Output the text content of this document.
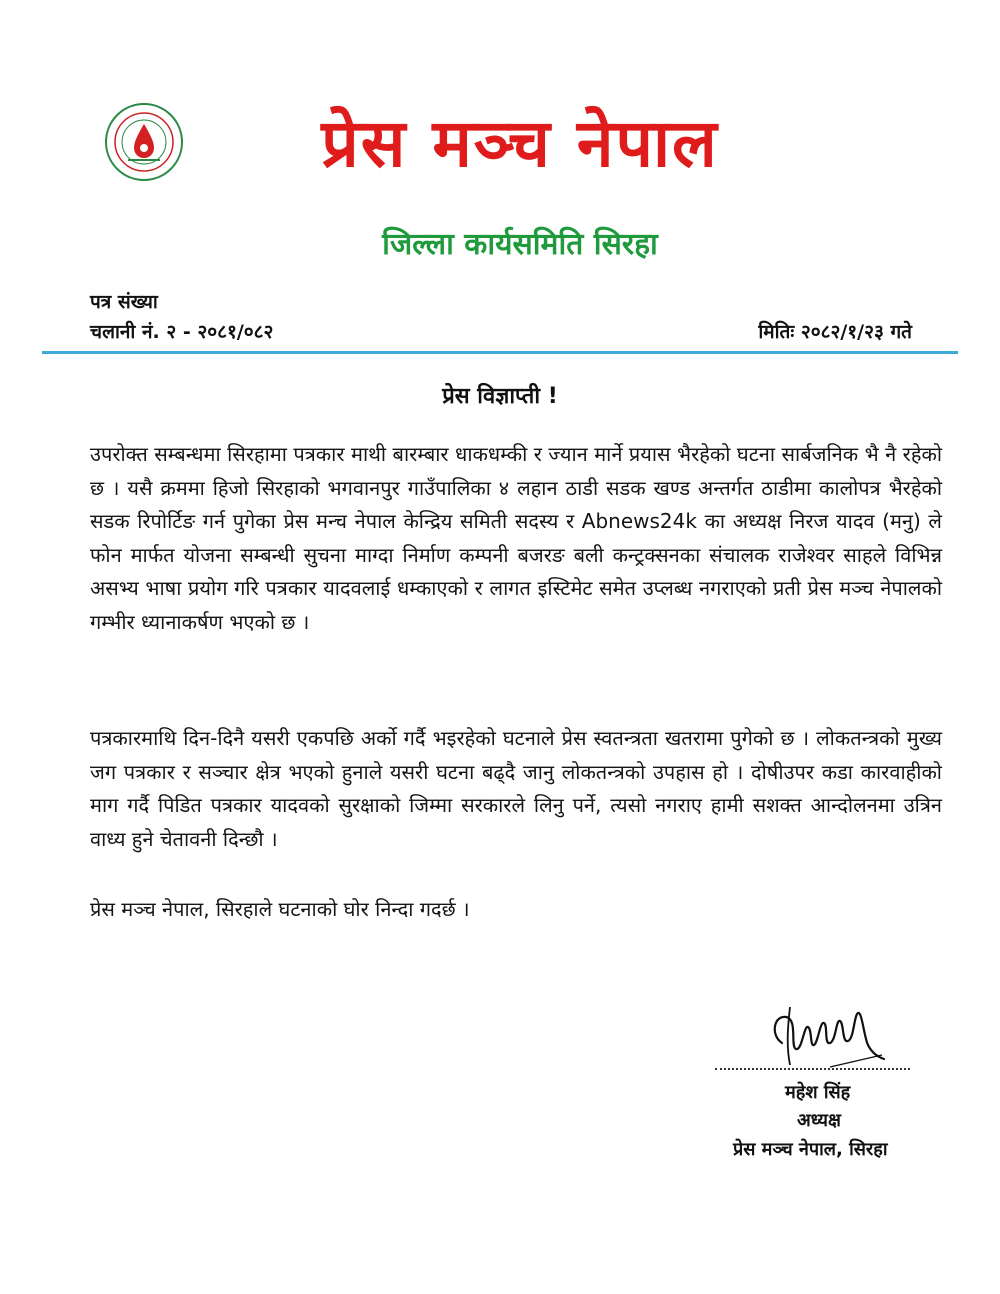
प्रेस मञ्च नेपाल
जिल्ला कार्यसमिति सिरहा
पत्र संख्या
चलानी नं. २ - २०८१/०८२	मितिः २०८२/१/२३ गते
प्रेस विज्ञाप्ती !

उपरोक्त सम्बन्धमा सिरहामा पत्रकार माथी बारम्बार धाकधम्की र ज्यान मार्ने प्रयास भैरहेको घटना सार्बजनिक भै नै रहेको छ । यसै क्रममा हिजो सिरहाको भगवानपुर गाउँपालिका ४ लहान ठाडी सडक खण्ड अन्तर्गत ठाडीमा कालोपत्र भैरहेको सडक रिपोर्टिङ गर्न पुगेका प्रेस मन्च नेपाल केन्द्रिय समिती सदस्य र Abnews24k का अध्यक्ष निरज यादव (मनु) ले फोन मार्फत योजना सम्बन्धी सुचना माग्दा निर्माण कम्पनी बजरङ बली कन्ट्रक्सनका संचालक राजेश्वर साहले विभिन्न असभ्य भाषा प्रयोग गरि पत्रकार यादवलाई धम्काएको र लागत इस्टिमेट समेत उप्लब्ध नगराएको प्रती प्रेस मञ्च नेपालको गम्भीर ध्यानाकर्षण भएको छ ।

पत्रकारमाथि दिन-दिनै यसरी एकपछि अर्को गर्दै भइरहेको घटनाले प्रेस स्वतन्त्रता खतरामा पुगेको छ । लोकतन्त्रको मुख्य जग पत्रकार र सञ्चार क्षेत्र भएको हुनाले यसरी घटना बढ्दै जानु लोकतन्त्रको उपहास हो । दोषीउपर कडा कारवाहीको माग गर्दै पिडित पत्रकार यादवको सुरक्षाको जिम्मा सरकारले लिनु पर्ने, त्यसो नगराए हामी सशक्त आन्दोलनमा उत्रिन वाध्य हुने चेतावनी दिन्छौ ।

प्रेस मञ्च नेपाल, सिरहाले घटनाको घोर निन्दा गदर्छ ।

महेश सिंह
अध्यक्ष
प्रेस मञ्च नेपाल, सिरहा
